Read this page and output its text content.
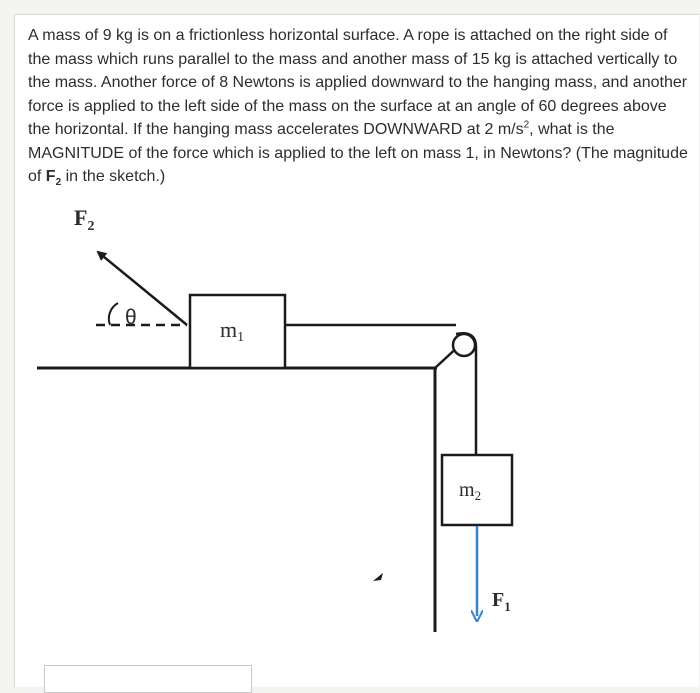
A mass of 9 kg is on a frictionless horizontal surface. A rope is attached on the right side of the mass which runs parallel to the mass and another mass of 15 kg is attached vertically to the mass. Another force of 8 Newtons is applied downward to the hanging mass, and another force is applied to the left side of the mass on the surface at an angle of 60 degrees above the horizontal. If the hanging mass accelerates DOWNWARD at 2 $m/s^2$, what is the MAGNITUDE of the force which is applied to the left on mass 1, in Newtons? (The magnitude of $F_2$ in the sketch.)

$F_2$
θ	m1
$m_2$
$F_1$
